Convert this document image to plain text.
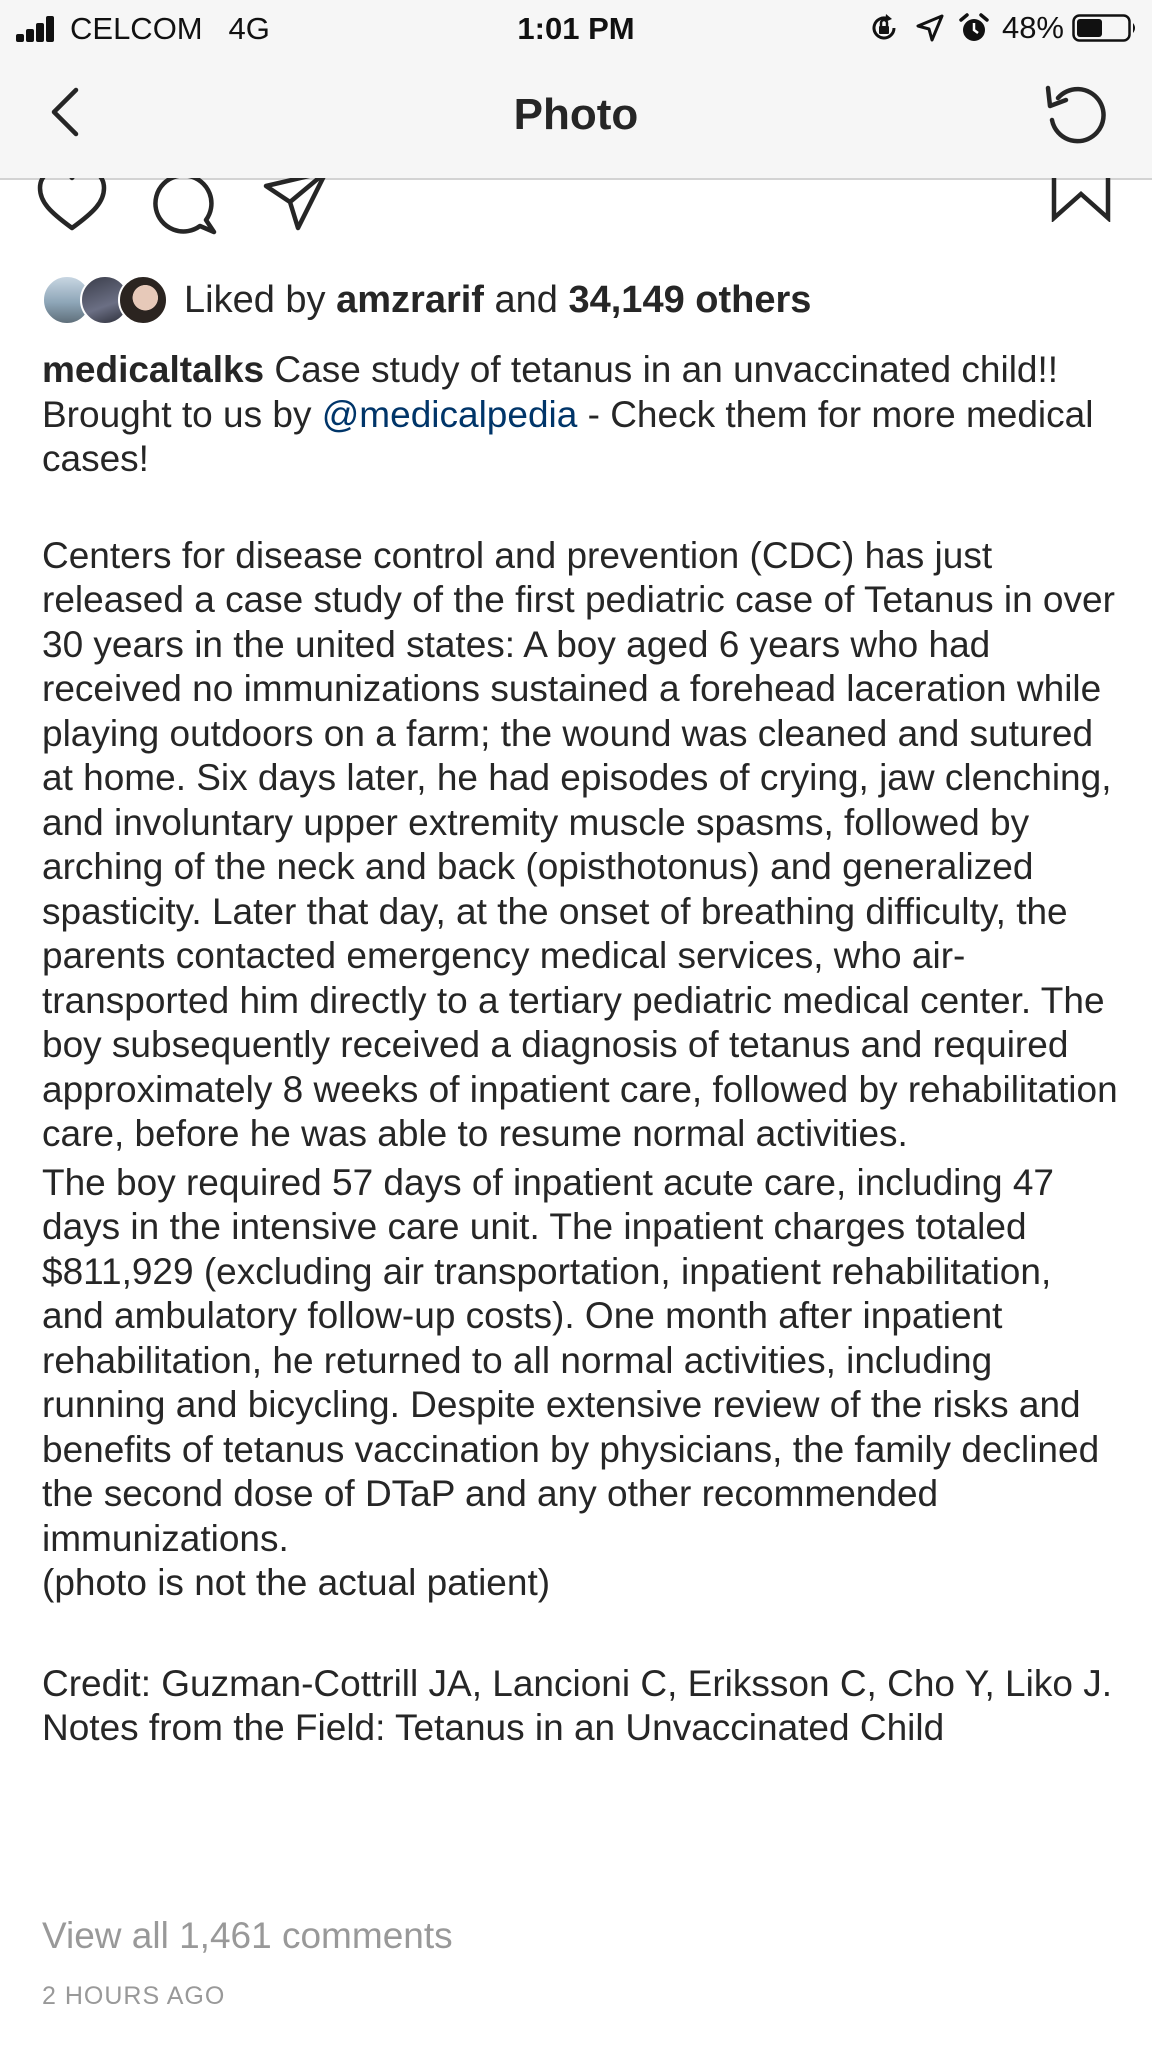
CELCOM 4G	1:01 PM	48%
Photo
Liked by amzrarif and 34,149 others

medicaltalks Case study of tetanus in an unvaccinated child!! Brought to us by @medicalpedia - Check them for more medical cases!

Centers for disease control and prevention (CDC) has just released a case study of the first pediatric case of Tetanus in over 30 years in the united states: A boy aged 6 years who had received no immunizations sustained a forehead laceration while playing outdoors on a farm; the wound was cleaned and sutured at home. Six days later, he had episodes of crying, jaw clenching, and involuntary upper extremity muscle spasms, followed by arching of the neck and back (opisthotonus) and generalized spasticity. Later that day, at the onset of breathing difficulty, the parents contacted emergency medical services, who air-transported him directly to a tertiary pediatric medical center. The boy subsequently received a diagnosis of tetanus and required approximately 8 weeks of inpatient care, followed by rehabilitation care, before he was able to resume normal activities.

The boy required 57 days of inpatient acute care, including 47 days in the intensive care unit. The inpatient charges totaled $811,929 (excluding air transportation, inpatient rehabilitation, and ambulatory follow-up costs). One month after inpatient rehabilitation, he returned to all normal activities, including running and bicycling. Despite extensive review of the risks and benefits of tetanus vaccination by physicians, the family declined the second dose of DTaP and any other recommended immunizations.

(photo is not the actual patient)

Credit: Guzman-Cottrill JA, Lancioni C, Eriksson C, Cho Y, Liko J. Notes from the Field: Tetanus in an Unvaccinated Child

View all 1,461 comments
2 HOURS AGO
